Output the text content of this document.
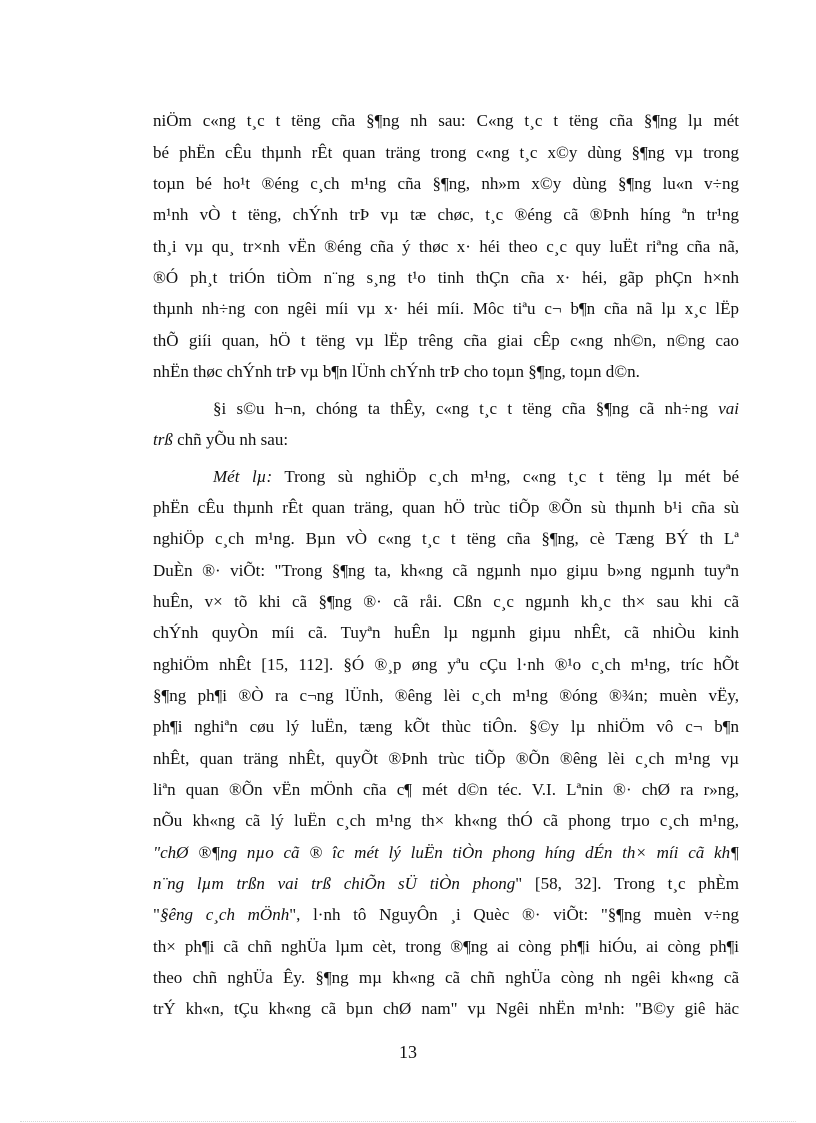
niÖm c«ng t¸c t tëng cña §¶ng nh sau: C«ng t¸c t tëng cña §¶ng lµ mét
bé phËn cÊu thµnh rÊt quan träng trong c«ng t¸c x©y dùng §¶ng vµ trong
toµn bé ho¹t ®éng c¸ch m¹ng cña §¶ng, nh»m x©y dùng §¶ng lu«n v÷ng
m¹nh vÒ t tëng, chÝnh trÞ vµ tæ chøc, t¸c ®éng cã ®Þnh híng ªn tr¹ng
th¸i vµ qu¸ tr×nh vËn ®éng cña ý thøc x· héi theo c¸c quy luËt riªng cña nã,
®Ó ph¸t triÓn tiÒm n¨ng s¸ng t¹o tinh thÇn cña x· héi, gãp phÇn h×nh
thµnh nh÷ng con ngêi míi vµ x· héi míi. Môc tiªu c¬ b¶n cña nã lµ x¸c lËp
thÕ giíi quan, hÖ t tëng vµ lËp trêng cña giai cÊp c«ng nh©n, n©ng cao
nhËn thøc chÝnh trÞ vµ b¶n lÜnh chÝnh trÞ cho toµn §¶ng, toµn d©n.
§i s©u h¬n, chóng ta thÊy, c«ng t¸c t tëng cña §¶ng cã nh÷ng vai
trß chñ yÕu nh sau:
Mét lµ: Trong sù nghiÖp c¸ch m¹ng, c«ng t¸c t tëng lµ mét bé
phËn cÊu thµnh rÊt quan träng, quan hÖ trùc tiÕp ®Õn sù thµnh b¹i cña sù
nghiÖp c¸ch m¹ng. Bµn vÒ c«ng t¸c t tëng cña §¶ng, cè Tæng BÝ th Lª
DuÈn ®· viÕt: "Trong §¶ng ta, kh«ng cã ngµnh nµo giµu b»ng ngµnh tuyªn
huÊn, v× tõ khi cã §¶ng ®· cã råi. Cßn c¸c ngµnh kh¸c th× sau khi cã
chÝnh quyÒn míi cã. Tuyªn huÊn lµ ngµnh giµu nhÊt, cã nhiÒu kinh
nghiÖm nhÊt [15, 112]. §Ó ®¸p øng yªu cÇu l·nh ®¹o c¸ch m¹ng, tríc hÕt
§¶ng ph¶i ®Ò ra c¬ng lÜnh, ®êng lèi c¸ch m¹ng ®óng ®¾n; muèn vËy,
ph¶i nghiªn cøu lý luËn, tæng kÕt thùc tiÔn. §©y lµ nhiÖm vô c¬ b¶n
nhÊt, quan träng nhÊt, quyÕt ®Þnh trùc tiÕp ®Õn ®êng lèi c¸ch m¹ng vµ
liªn quan ®Õn vËn mÖnh cña c¶ mét d©n téc. V.I. Lªnin ®· chØ ra r»ng,
nÕu kh«ng cã lý luËn c¸ch m¹ng th× kh«ng thÓ cã phong trµo c¸ch m¹ng,
"chØ ®¶ng nµo cã ® îc mét lý luËn tiÒn phong híng dÉn th× míi cã kh¶
n¨ng lµm trßn vai trß chiÕn sÜ tiÒn phong" [58, 32]. Trong t¸c phÈm
"§êng c¸ch mÖnh", l·nh tô NguyÔn ¸i Quèc ®· viÕt: "§¶ng muèn v÷ng
th× ph¶i cã chñ nghÜa lµm cèt, trong ®¶ng ai còng ph¶i hiÓu, ai còng ph¶i
theo chñ nghÜa Êy. §¶ng mµ kh«ng cã chñ nghÜa còng nh ngêi kh«ng cã
trÝ kh«n, tÇu kh«ng cã bµn chØ nam" vµ Ngêi nhËn m¹nh: "B©y giê häc
13
